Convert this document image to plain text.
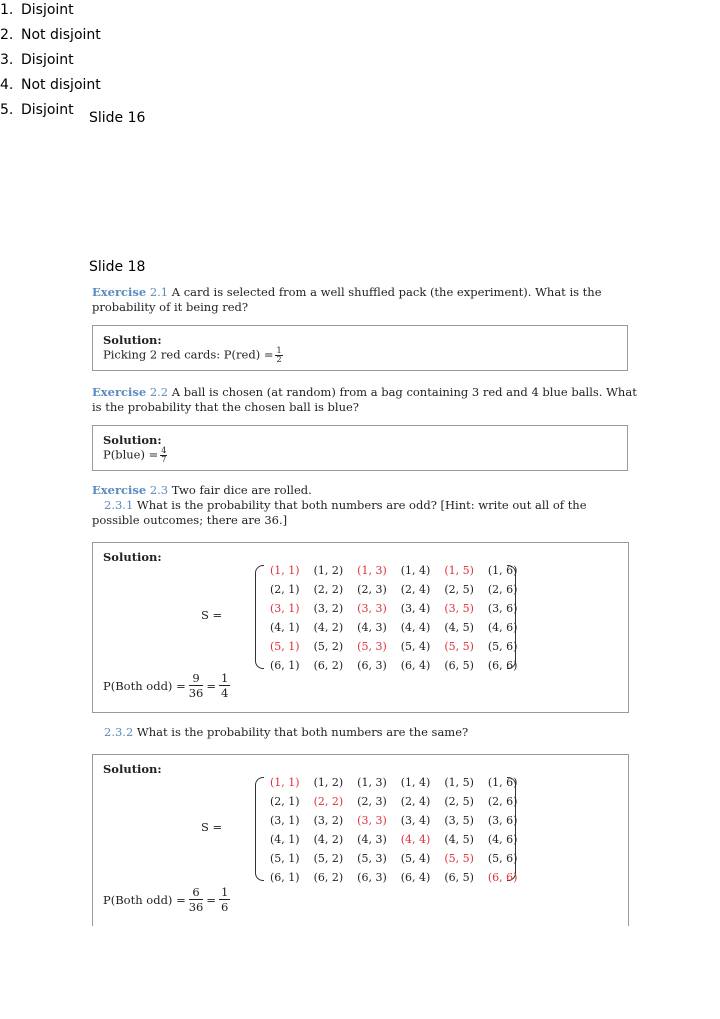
Slide 16
1. Disjoint
2. Not disjoint
3. Disjoint
4. Not disjoint
5. Disjoint
Slide 18
Exercise 2.1 A card is selected from a well shuffled pack (the experiment). What is the
probability of it being red?
Solution:
Picking 2 red cards: $P(red) = \frac{1}{2}$
Exercise 2.2 A ball is chosen (at random) from a bag containing 3 red and 4 blue balls. What
is the probability that the chosen ball is blue?
Solution:
P(blue) = $\frac{4}{7}$
Exercise 2.3 Two fair dice are rolled.
2.3.1 What is the probability that both numbers are odd? [Hint: write out all of the
possible outcomes; there are 36.]
Solution:
S =
(1, 1)	(1, 2)	(1, 3)	(1, 4)	(1, 5)	(1, 6)
(2, 1)	(2, 2)	(2, 3)	(2, 4)	(2, 5)	(2, 6)
(3, 1)	(3, 2)	(3, 3)	(3, 4)	(3, 5)	(3, 6)
(4, 1)	(4, 2)	(4, 3)	(4, 4)	(4, 5)	(4, 6)
(5, 1)	(5, 2)	(5, 3)	(5, 4)	(5, 5)	(5, 6)
(6, 1)	(6, 2)	(6, 3)	(6, 4)	(6, 5)	(6, 6)
P(Both $odd) = \frac{9}{36} = \frac{1}{4}$
2.3.2 What is the probability that both numbers are the same?
Solution:
S =
(1, 1)	(1, 2)	(1, 3)	(1, 4)	(1, 5)	(1, 6)
(2, 1)	(2, 2)	(2, 3)	(2, 4)	(2, 5)	(2, 6)
(3, 1)	(3, 2)	(3, 3)	(3, 4)	(3, 5)	(3, 6)
(4, 1)	(4, 2)	(4, 3)	(4, 4)	(4, 5)	(4, 6)
(5, 1)	(5, 2)	(5, 3)	(5, 4)	(5, 5)	(5, 6)
(6, 1)	(6, 2)	(6, 3)	(6, 4)	(6, 5)	(6, 6)
P(Both $odd) = \frac{6}{36} = \frac{1}{6}$
